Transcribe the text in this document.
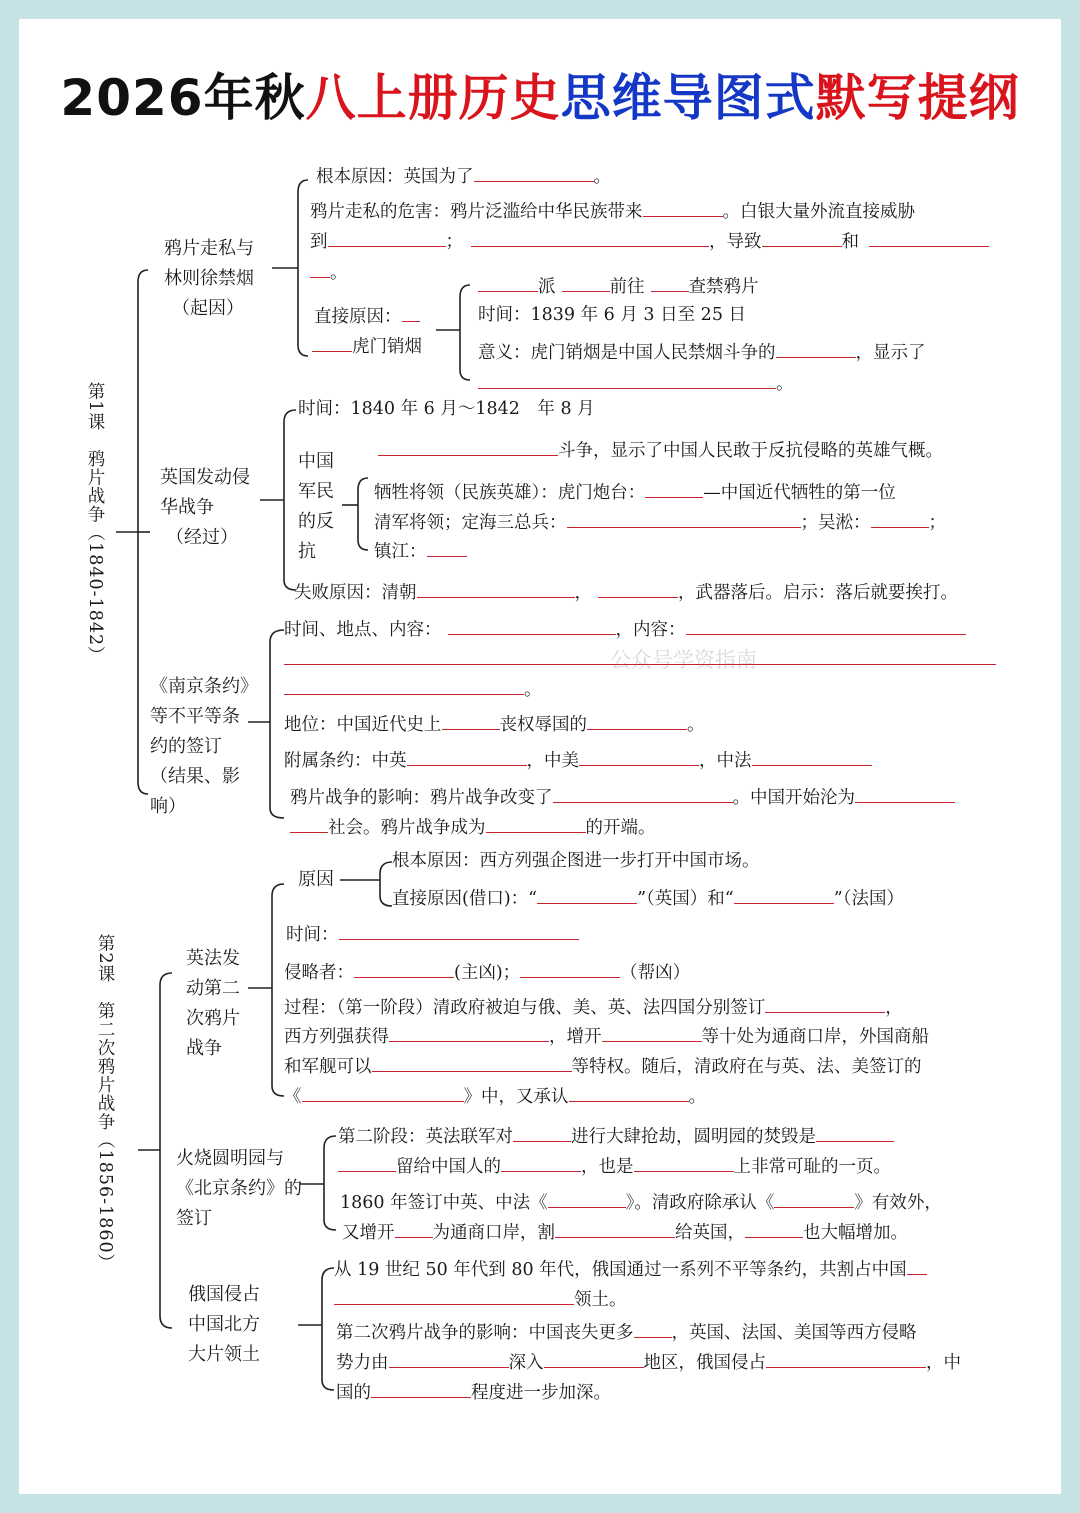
2026年秋八上册历史思维导图式默写提纲
公众号学资指南
第1课　鸦片战争（1840-1842）
鸦片走私与
林则徐禁烟
（起因）
根本原因：英国为了	。
鸦片走私的危害：鸦片泛滥给中华民族带来	。白银大量外流直接威胁
到	；	，导致	和
。
直接原因：
虎门销烟
派	前往	查禁鸦片
时间：1839 年 6 月 3 日至 25 日
意义：虎门销烟是中国人民禁烟斗争的	，显示了
。
英国发动侵
华战争
（经过）
时间：1840 年 6 月～1842　年 8 月
中国
军民
的反
抗
斗争，显示了中国人民敢于反抗侵略的英雄气概。
牺牲将领（民族英雄）：虎门炮台：	—中国近代牺牲的第一位
清军将领；定海三总兵：	；吴淞：	；
镇江：
失败原因：清朝	，	，武器落后。启示：落后就要挨打。
《南京条约》
等不平等条
约的签订
（结果、影
响）
时间、地点、内容：	，内容：
。
地位：中国近代史上	丧权辱国的	。
附属条约：中英	，中美	，中法
鸦片战争的影响：鸦片战争改变了	。中国开始沦为
社会。鸦片战争成为	的开端。
第2课　第二次鸦片战争（1856-1860）	英法发
动第二
次鸦片
战争
原因
根本原因：西方列强企图进一步打开中国市场。
直接原因(借口)：“	”（英国）和“	”（法国）
时间：
侵略者：	(主凶)；	（帮凶）
过程：（第一阶段）清政府被迫与俄、美、英、法四国分别签订	，
西方列强获得	，增开	等十处为通商口岸，外国商船
和军舰可以	等特权。随后，清政府在与英、法、美签订的
《	》中，又承认	。
火烧圆明园与
《北京条约》的
签订
第二阶段：英法联军对	进行大肆抢劫，圆明园的焚毁是
留给中国人的	，也是	上非常可耻的一页。
1860 年签订中英、中法《	》。清政府除承认《	》有效外，
又增开 为通商口岸，割	给英国，	也大幅增加。
俄国侵占
中国北方
大片领土
从 19 世纪 50 年代到 80 年代，俄国通过一系列不平等条约，共割占中国
领土。
第二次鸦片战争的影响：中国丧失更多 ，英国、法国、美国等西方侵略
势力由	深入	地区，俄国侵占	，中
国的	程度进一步加深。
